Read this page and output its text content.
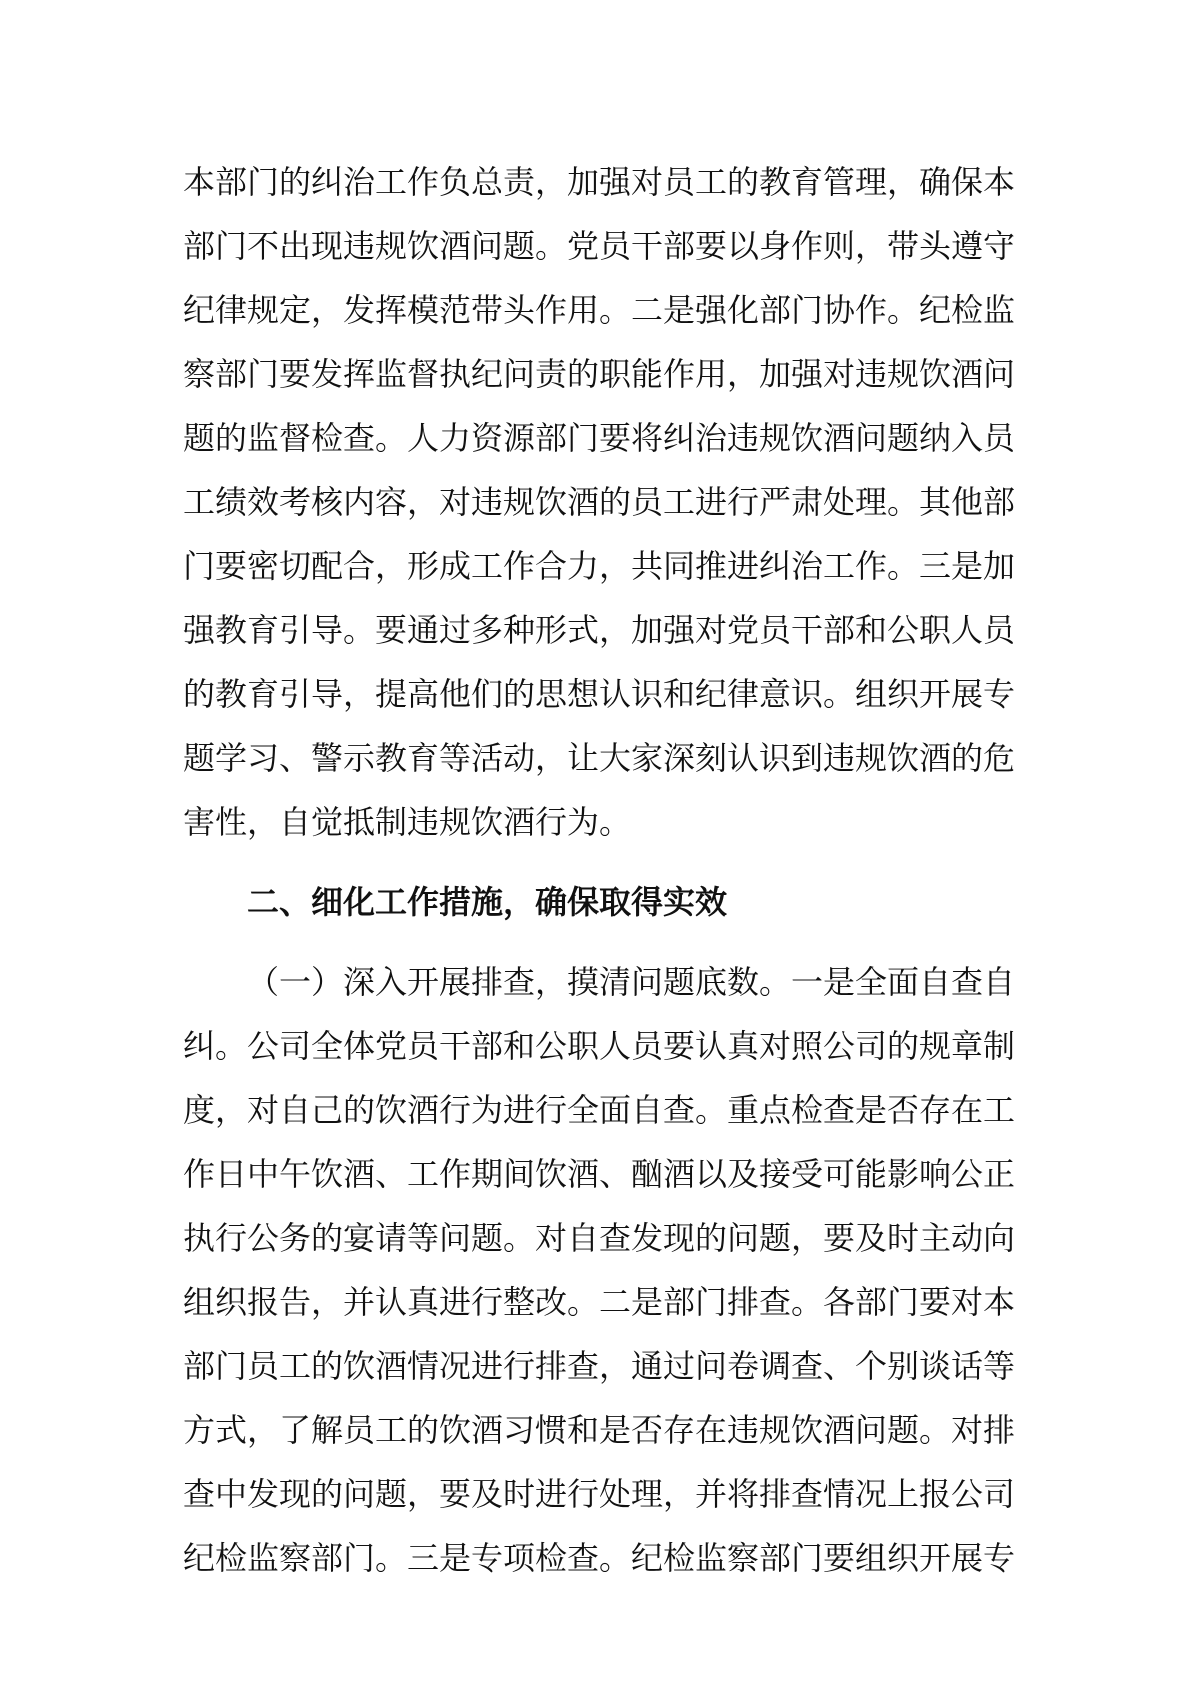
本部门的纠治工作负总责，加强对员工的教育管理，确保本
部门不出现违规饮酒问题。党员干部要以身作则，带头遵守
纪律规定，发挥模范带头作用。二是强化部门协作。纪检监
察部门要发挥监督执纪问责的职能作用，加强对违规饮酒问
题的监督检查。人力资源部门要将纠治违规饮酒问题纳入员
工绩效考核内容，对违规饮酒的员工进行严肃处理。其他部
门要密切配合，形成工作合力，共同推进纠治工作。三是加
强教育引导。要通过多种形式，加强对党员干部和公职人员
的教育引导，提高他们的思想认识和纪律意识。组织开展专
题学习、警示教育等活动，让大家深刻认识到违规饮酒的危
害性，自觉抵制违规饮酒行为。
二、细化工作措施，确保取得实效
（一）深入开展排查，摸清问题底数。一是全面自查自
纠。公司全体党员干部和公职人员要认真对照公司的规章制
度，对自己的饮酒行为进行全面自查。重点检查是否存在工
作日中午饮酒、工作期间饮酒、酗酒以及接受可能影响公正
执行公务的宴请等问题。对自查发现的问题，要及时主动向
组织报告，并认真进行整改。二是部门排查。各部门要对本
部门员工的饮酒情况进行排查，通过问卷调查、个别谈话等
方式，了解员工的饮酒习惯和是否存在违规饮酒问题。对排
查中发现的问题，要及时进行处理，并将排查情况上报公司
纪检监察部门。三是专项检查。纪检监察部门要组织开展专
